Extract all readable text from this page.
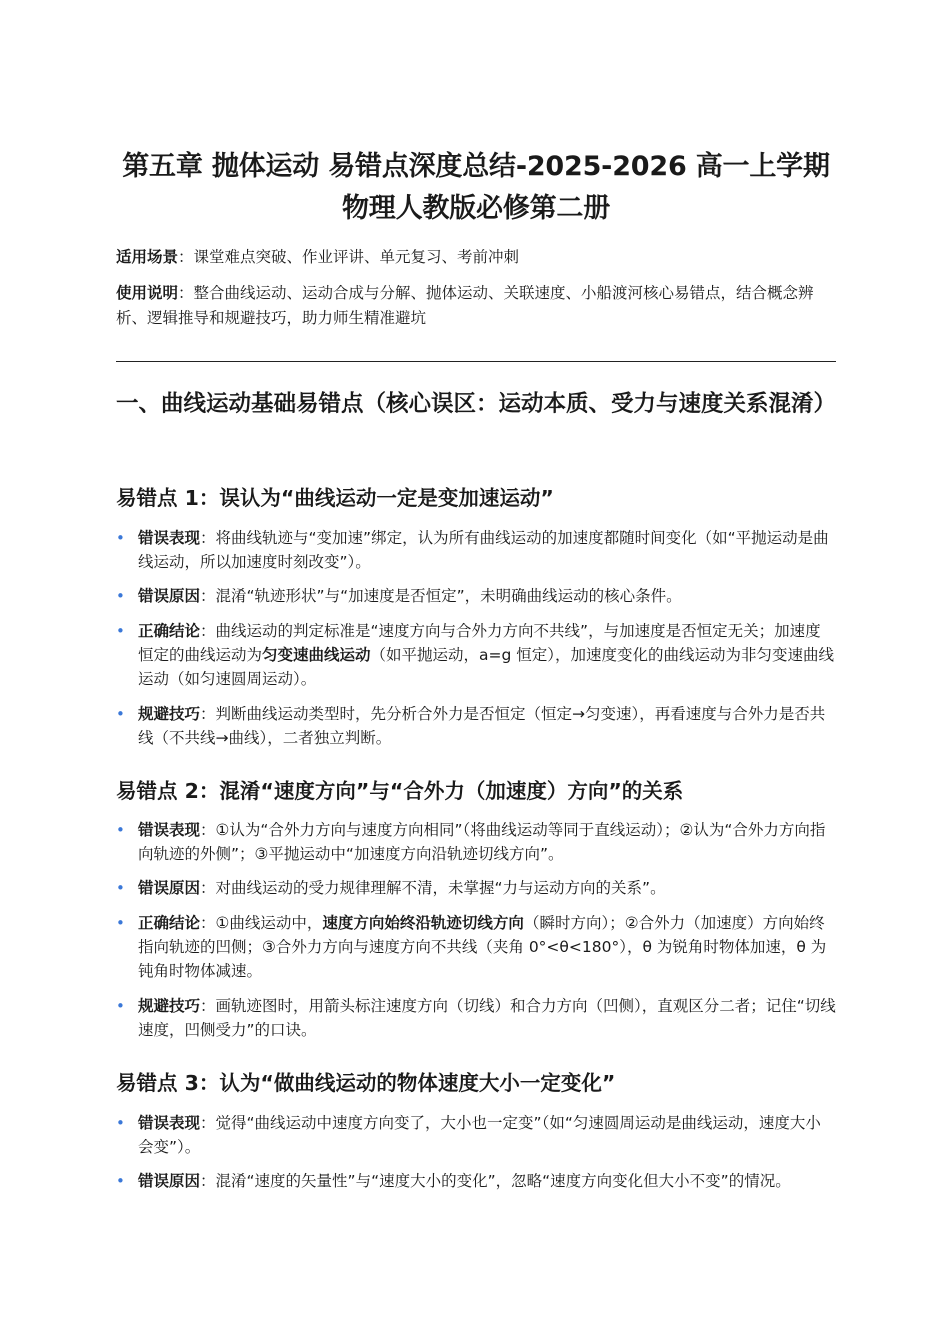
第五章 抛体运动 易错点深度总结-2025-2026 高一上学期
物理人教版必修第二册
适用场景：课堂难点突破、作业评讲、单元复习、考前冲刺
使用说明：整合曲线运动、运动合成与分解、抛体运动、关联速度、小船渡河核心易错点，结合概念辨析、逻辑推导和规避技巧，助力师生精准避坑
一、曲线运动基础易错点（核心误区：运动本质、受力与速度关系混淆）
易错点 1：误认为“曲线运动一定是变加速运动”
• 错误表现：将曲线轨迹与“变加速”绑定，认为所有曲线运动的加速度都随时间变化（如“平抛运动是曲线运动，所以加速度时刻改变”）。
• 错误原因：混淆“轨迹形状”与“加速度是否恒定”，未明确曲线运动的核心条件。
• 正确结论：曲线运动的判定标准是“速度方向与合外力方向不共线”，与加速度是否恒定无关；加速度恒定的曲线运动为匀变速曲线运动（如平抛运动，a=g 恒定），加速度变化的曲线运动为非匀变速曲线运动（如匀速圆周运动）。
• 规避技巧：判断曲线运动类型时，先分析合外力是否恒定（恒定→匀变速），再看速度与合外力是否共线（不共线→曲线），二者独立判断。
易错点 2：混淆“速度方向”与“合外力（加速度）方向”的关系
• 错误表现：①认为“合外力方向与速度方向相同”（将曲线运动等同于直线运动）；②认为“合外力方向指向轨迹的外侧”；③平抛运动中“加速度方向沿轨迹切线方向”。
• 错误原因：对曲线运动的受力规律理解不清，未掌握“力与运动方向的关系”。
• 正确结论：①曲线运动中，速度方向始终沿轨迹切线方向（瞬时方向）；②合外力（加速度）方向始终指向轨迹的凹侧；③合外力方向与速度方向不共线（夹角 0°<θ<180°），θ 为锐角时物体加速，θ 为钝角时物体减速。
• 规避技巧：画轨迹图时，用箭头标注速度方向（切线）和合力方向（凹侧），直观区分二者；记住“切线速度，凹侧受力”的口诀。
易错点 3：认为“做曲线运动的物体速度大小一定变化”
• 错误表现：觉得“曲线运动中速度方向变了，大小也一定变”（如“匀速圆周运动是曲线运动，速度大小会变”）。
• 错误原因：混淆“速度的矢量性”与“速度大小的变化”，忽略“速度方向变化但大小不变”的情况。
